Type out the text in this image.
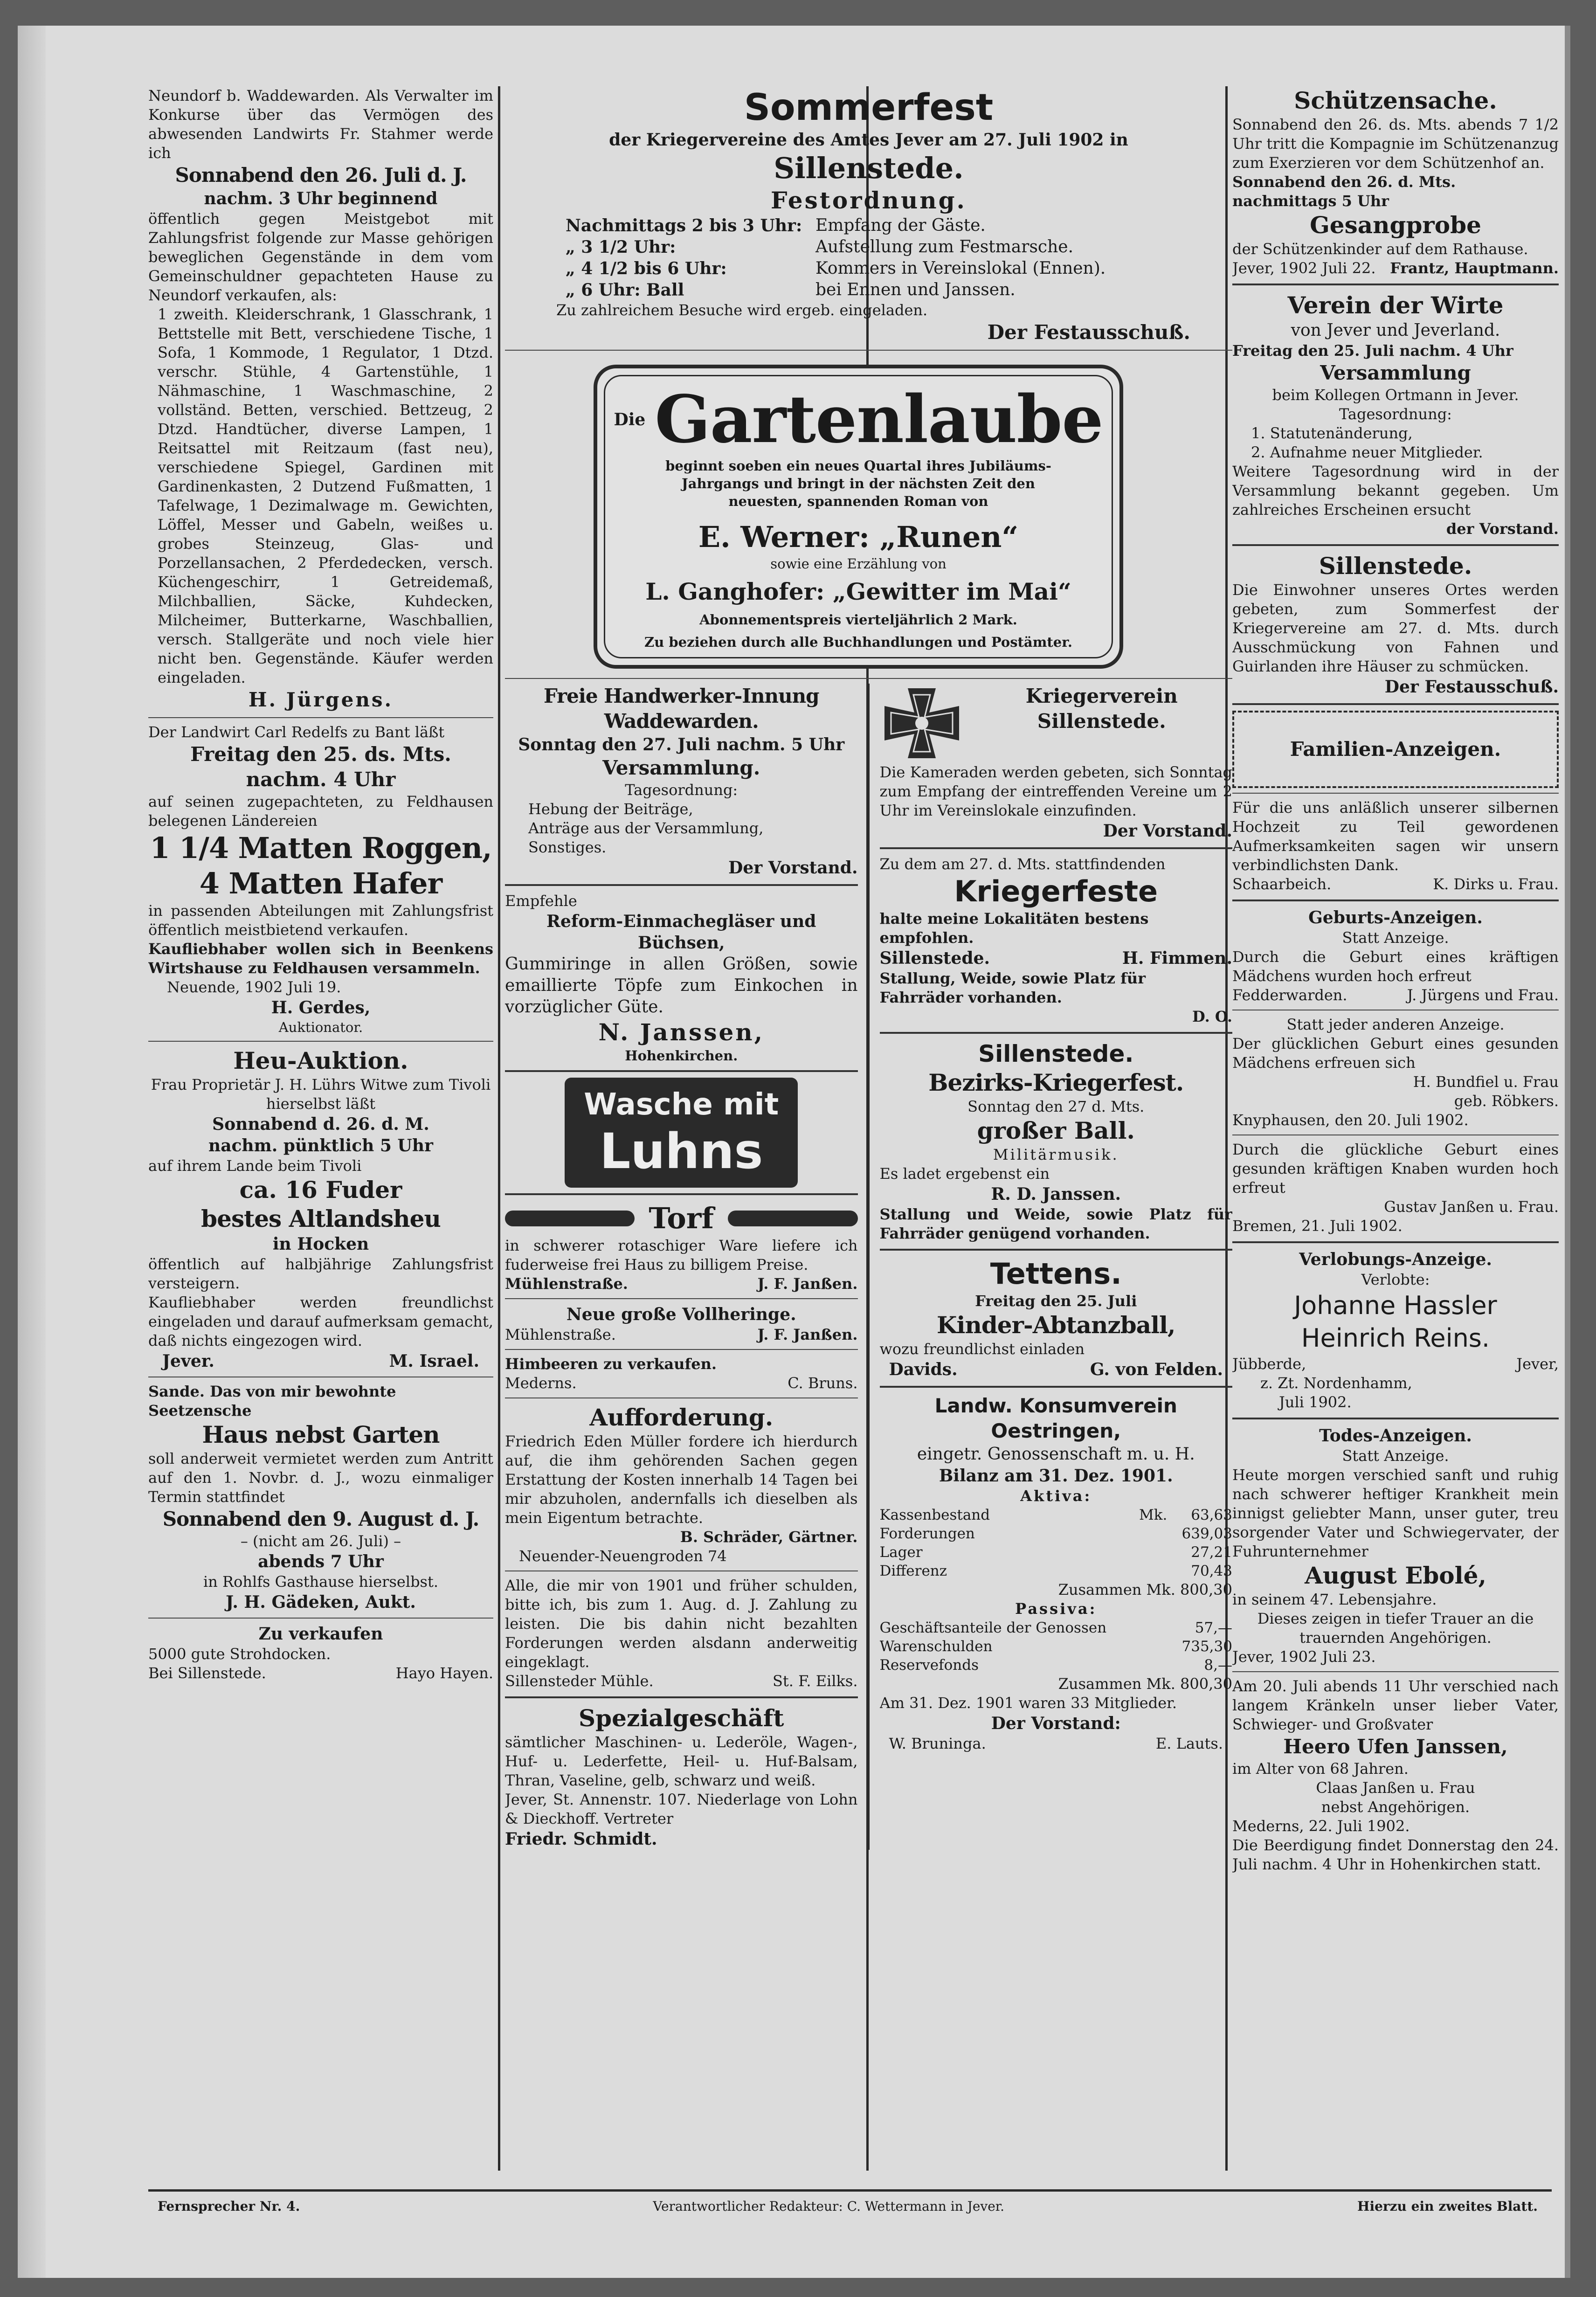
Neundorf b. Waddewarden. Als Verwalter im Konkurse über das Vermögen des abwesenden Landwirts Fr. Stahmer werde ich

Sonnabend den 26. Juli d. J.

nachm. 3 Uhr beginnend

öffentlich gegen Meistgebot mit Zahlungsfrist folgende zur Masse gehörigen beweglichen Gegenstände in dem vom Gemeinschuldner gepachteten Hause zu Neundorf verkaufen, als:

1 zweith. Kleiderschrank, 1 Glasschrank, 1 Bettstelle mit Bett, verschiedene Tische, 1 Sofa, 1 Kommode, 1 Regulator, 1 Dtzd. verschr. Stühle, 4 Gartenstühle, 1 Nähmaschine, 1 Waschmaschine, 2 vollständ. Betten, verschied. Bettzeug, 2 Dtzd. Handtücher, diverse Lampen, 1 Reitsattel mit Reitzaum (fast neu), verschiedene Spiegel, Gardinen mit Gardinenkasten, 2 Dutzend Fußmatten, 1 Tafelwage, 1 Dezimalwage m. Gewichten, Löffel, Messer und Gabeln, weißes u. grobes Steinzeug, Glas- und Porzellansachen, 2 Pferdedecken, versch. Küchengeschirr, 1 Getreidemaß, Milchballien, Säcke, Kuhdecken, Milcheimer, Butterkarne, Waschballien, versch. Stallgeräte und noch viele hier nicht ben. Gegenstände. Käufer werden eingeladen.

H. Jürgens.

Der Landwirt Carl Redelfs zu Bant läßt

Freitag den 25. ds. Mts.

nachm. 4 Uhr

auf seinen zugepachteten, zu Feldhausen belegenen Ländereien

1 1/4 Matten Roggen,

4 Matten Hafer

in passenden Abteilungen mit Zahlungsfrist öffentlich meistbietend verkaufen.

Kaufliebhaber wollen sich in Beenkens Wirtshause zu Feldhausen versammeln.

Neuende, 1902 Juli 19.

H. Gerdes,

Auktionator.

Heu-Auktion.

Frau Proprietär J. H. Lührs Witwe zum Tivoli hierselbst läßt

Sonnabend d. 26. d. M.

nachm. pünktlich 5 Uhr

auf ihrem Lande beim Tivoli

ca. 16 Fuder

bestes Altlandsheu

in Hocken

öffentlich auf halbjährige Zahlungsfrist versteigern.

Kaufliebhaber werden freundlichst eingeladen und darauf aufmerksam gemacht, daß nichts eingezogen wird.

Jever.	M. Israel.

Sande. Das von mir bewohnte Seetzensche

Haus nebst Garten

soll anderweit vermietet werden zum Antritt auf den 1. Novbr. d. J., wozu einmaliger Termin stattfindet

Sonnabend den 9. August d. J.

– (nicht am 26. Juli) –

abends 7 Uhr

in Rohlfs Gasthause hierselbst.

J. H. Gädeken, Aukt.

Zu verkaufen

5000 gute Strohdocken.

Bei Sillenstede.	Hayo Hayen.

Sommerfest

der Kriegervereine des Amtes Jever am 27. Juli 1902 in

Sillenstede.

Festordnung.

Nachmittags 2 bis 3 Uhr: Empfang der Gäste.
„ 3 1/2 Uhr:	Aufstellung zum Festmarsche.
„ 4 1/2 bis 6 Uhr:	Kommers in Vereinslokal (Ennen).
„ 6 Uhr: Ball	bei Ennen und Janssen.

Zu zahlreichem Besuche wird ergeb. eingeladen.

Der Festausschuß.

Die Gartenlaube

beginnt soeben ein neues Quartal ihres Jubiläums-Jahrgangs und bringt in der nächsten Zeit den neuesten, spannenden Roman von

E. Werner: „Runen“

sowie eine Erzählung von

L. Ganghofer: „Gewitter im Mai“

Abonnementspreis vierteljährlich 2 Mark.

Zu beziehen durch alle Buchhandlungen und Postämter.

Freie Handwerker-Innung Waddewarden.

Sonntag den 27. Juli nachm. 5 Uhr

Versammlung.

Tagesordnung:

Hebung der Beiträge,

Anträge aus der Versammlung,

Sonstiges.

Der Vorstand.

Empfehle

Reform-Einmachegläser und Büchsen,

Gummiringe in allen Größen, sowie emaillierte Töpfe zum Einkochen in vorzüglicher Güte.

N. Janssen,

Hohenkirchen.

Wasche mit
Luhns
Torf

in schwerer rotaschiger Ware liefere ich fuderweise frei Haus zu billigem Preise.

Mühlenstraße.	J. F. Janßen.

Neue große Vollheringe.

Mühlenstraße.	J. F. Janßen.

Himbeeren zu verkaufen.

Mederns.	C. Bruns.

Aufforderung.

Friedrich Eden Müller fordere ich hierdurch auf, die ihm gehörenden Sachen gegen Erstattung der Kosten innerhalb 14 Tagen bei mir abzuholen, andernfalls ich dieselben als mein Eigentum betrachte.

B. Schräder, Gärtner.

Neuender-Neuengroden 74

Alle, die mir von 1901 und früher schulden, bitte ich, bis zum 1. Aug. d. J. Zahlung zu leisten. Die bis dahin nicht bezahlten Forderungen werden alsdann anderweitig eingeklagt.

Sillensteder Mühle.	St. F. Eilks.

Spezialgeschäft

sämtlicher Maschinen- u. Lederöle, Wagen-, Huf- u. Lederfette, Heil- u. Huf-Balsam, Thran, Vaseline, gelb, schwarz und weiß.

Jever, St. Annenstr. 107. Niederlage von Lohn & Dieckhoff. Vertreter

Friedr. Schmidt.

Kriegerverein Sillenstede.

Die Kameraden werden gebeten, sich Sonntag zum Empfang der eintreffenden Vereine um 2 Uhr im Vereinslokale einzufinden.

Der Vorstand.

Zu dem am 27. d. Mts. stattfindenden

Kriegerfeste

halte meine Lokalitäten bestens empfohlen.

Sillenstede.	H. Fimmen.

Stallung, Weide, sowie Platz für Fahrräder vorhanden.

D. O.

Sillenstede.

Bezirks-Kriegerfest.

Sonntag den 27 d. Mts.

großer Ball.

Militärmusik.

Es ladet ergebenst ein

R. D. Janssen.

Stallung und Weide, sowie Platz für Fahrräder genügend vorhanden.

Tettens.

Freitag den 25. Juli

Kinder-Abtanzball,

wozu freundlichst einladen

Davids.	G. von Felden.

Landw. Konsumverein

Oestringen,

eingetr. Genossenschaft m. u. H.

Bilanz am 31. Dez. 1901.

Aktiva:

Kassenbestand	Mk.	63,63
Forderungen	639,03
Lager	27,21
Differenz	70,43

Zusammen Mk. 800,30

Passiva:

Geschäftsanteile der Genossen	57,—
Warenschulden	735,30
Reservefonds	8,—

Zusammen Mk. 800,30

Am 31. Dez. 1901 waren 33 Mitglieder.

Der Vorstand:

W. Bruninga.	E. Lauts.

Schützensache.

Sonnabend den 26. ds. Mts. abends 7 1/2 Uhr tritt die Kompagnie im Schützenanzug zum Exerzieren vor dem Schützenhof an.

Sonnabend den 26. d. Mts. nachmittags 5 Uhr

Gesangprobe

der Schützenkinder auf dem Rathause.

Jever, 1902 Juli 22. Frantz, Hauptmann.

Verein der Wirte

von Jever und Jeverland.

Freitag den 25. Juli nachm. 4 Uhr

Versammlung

beim Kollegen Ortmann in Jever.

Tagesordnung:

1. Statutenänderung,

2. Aufnahme neuer Mitglieder.

Weitere Tagesordnung wird in der Versammlung bekannt gegeben. Um zahlreiches Erscheinen ersucht

der Vorstand.

Sillenstede.

Die Einwohner unseres Ortes werden gebeten, zum Sommerfest der Kriegervereine am 27. d. Mts. durch Ausschmückung von Fahnen und Guirlanden ihre Häuser zu schmücken.

Der Festausschuß.

Familien-Anzeigen.

Für die uns anläßlich unserer silbernen Hochzeit zu Teil gewordenen Aufmerksamkeiten sagen wir unsern verbindlichsten Dank.

Schaarbeich.	K. Dirks u. Frau.

Geburts-Anzeigen.

Statt Anzeige.

Durch die Geburt eines kräftigen Mädchens wurden hoch erfreut

Fedderwarden.	J. Jürgens und Frau.

Statt jeder anderen Anzeige.

Der glücklichen Geburt eines gesunden Mädchens erfreuen sich

H. Bundfiel u. Frau

geb. Röbkers.

Knyphausen, den 20. Juli 1902.

Durch die glückliche Geburt eines gesunden kräftigen Knaben wurden hoch erfreut

Gustav Janßen u. Frau.

Bremen, 21. Juli 1902.

Verlobungs-Anzeige.

Verlobte:

Johanne Hassler

Heinrich Reins.

Jübberde,	Jever,

z. Zt. Nordenhamm,

Juli 1902.

Todes-Anzeigen.

Statt Anzeige.

Heute morgen verschied sanft und ruhig nach schwerer heftiger Krankheit mein innigst geliebter Mann, unser guter, treu sorgender Vater und Schwiegervater, der Fuhrunternehmer

August Ebolé,

in seinem 47. Lebensjahre.

Dieses zeigen in tiefer Trauer an die trauernden Angehörigen.

Jever, 1902 Juli 23.

Am 20. Juli abends 11 Uhr verschied nach langem Kränkeln unser lieber Vater, Schwieger- und Großvater

Heero Ufen Janssen,

im Alter von 68 Jahren.

Claas Janßen u. Frau

nebst Angehörigen.

Mederns, 22. Juli 1902.

Die Beerdigung findet Donnerstag den 24. Juli nachm. 4 Uhr in Hohenkirchen statt.

Fernsprecher Nr. 4.	Verantwortlicher Redakteur: C. Wettermann in Jever.	Hierzu ein zweites Blatt.
